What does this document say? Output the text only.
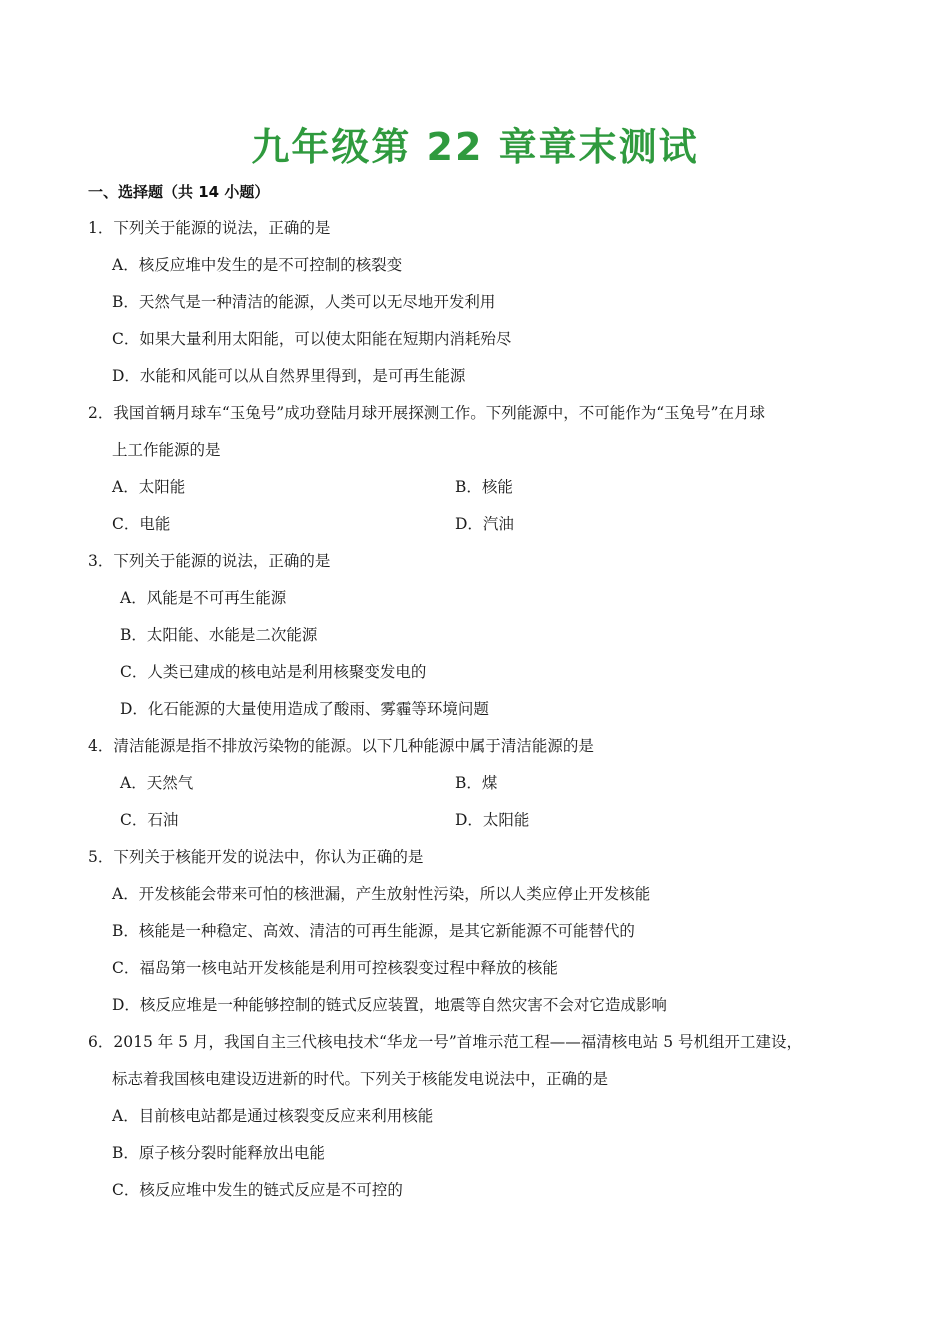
九年级第 22 章章末测试
一、选择题（共 14 小题）
1．下列关于能源的说法，正确的是
A．核反应堆中发生的是不可控制的核裂变
B．天然气是一种清洁的能源，人类可以无尽地开发利用
C．如果大量利用太阳能，可以使太阳能在短期内消耗殆尽
D．水能和风能可以从自然界里得到，是可再生能源
2．我国首辆月球车“玉兔号”成功登陆月球开展探测工作。下列能源中，不可能作为“玉兔号”在月球
上工作能源的是
A．太阳能	B．核能
C．电能	D．汽油
3．下列关于能源的说法，正确的是
A．风能是不可再生能源
B．太阳能、水能是二次能源
C．人类已建成的核电站是利用核聚变发电的
D．化石能源的大量使用造成了酸雨、雾霾等环境问题
4．清洁能源是指不排放污染物的能源。以下几种能源中属于清洁能源的是
A．天然气	B．煤
C．石油	D．太阳能
5．下列关于核能开发的说法中，你认为正确的是
A．开发核能会带来可怕的核泄漏，产生放射性污染，所以人类应停止开发核能
B．核能是一种稳定、高效、清洁的可再生能源，是其它新能源不可能替代的
C．福岛第一核电站开发核能是利用可控核裂变过程中释放的核能
D．核反应堆是一种能够控制的链式反应装置，地震等自然灾害不会对它造成影响
6．2015 年 5 月，我国自主三代核电技术“华龙一号”首堆示范工程——福清核电站 5 号机组开工建设，
标志着我国核电建设迈进新的时代。下列关于核能发电说法中，正确的是
A．目前核电站都是通过核裂变反应来利用核能
B．原子核分裂时能释放出电能
C．核反应堆中发生的链式反应是不可控的
